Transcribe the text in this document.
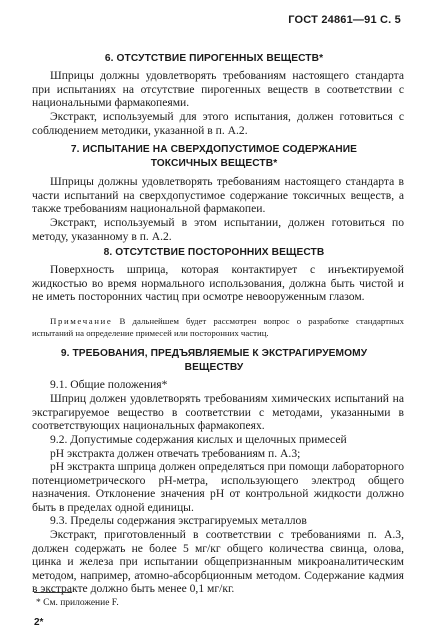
ГОСТ 24861—91 С. 5
6. ОТСУТСТВИЕ ПИРОГЕННЫХ ВЕЩЕСТВ*
Шприцы должны удовлетворять требованиям настоящего стандарта при испытаниях на отсутствие пирогенных веществ в соответствии с национальными фармакопеями.
Экстракт, используемый для этого испытания, должен готовиться с соблюдением методики, указанной в п. А.2.
7. ИСПЫТАНИЕ НА СВЕРХДОПУСТИМОЕ СОДЕРЖАНИЕ
ТОКСИЧНЫХ ВЕЩЕСТВ*
Шприцы должны удовлетворять требованиям настоящего стандарта в части испытаний на сверхдопустимое содержание токсичных веществ, а также требованиям национальной фармакопеи.
Экстракт, используемый в этом испытании, должен готовиться по методу, указанному в п. А.2.
8. ОТСУТСТВИЕ ПОСТОРОННИХ ВЕЩЕСТВ
Поверхность шприца, которая контактирует с инъектируемой жидкостью во время нормального использования, должна быть чистой и не иметь посторонних частиц при осмотре невооруженным глазом.
Примечание В дальнейшем будет рассмотрен вопрос о разработке стандартных испытаний на определение примесей или посторонних частиц.
9. ТРЕБОВАНИЯ, ПРЕДЪЯВЛЯЕМЫЕ К ЭКСТРАГИРУЕМОМУ
ВЕЩЕСТВУ
9.1. Общие положения*
Шприц должен удовлетворять требованиям химических испытаний на экстрагируемое вещество в соответствии с методами, указанными в соответствующих национальных фармакопеях.
9.2. Допустимые содержания кислых и щелочных примесей
pH экстракта должен отвечать требованиям п. А.3;
pH экстракта шприца должен определяться при помощи лабораторного потенциометрического pH-метра, использующего электрод общего назначения. Отклонение значения pH от контрольной жидкости должно быть в пределах одной единицы.
9.3. Пределы содержания экстрагируемых металлов
Экстракт, приготовленный в соответствии с требованиями п. А.3, должен содержать не более 5 мг/кг общего количества свинца, олова, цинка и железа при испытании общепризнанным микроаналитическим методом, например, атомно-абсорбционным методом. Содержание кадмия в экстракте должно быть менее 0,1 мг/кг.
* См. приложение F.
2*
